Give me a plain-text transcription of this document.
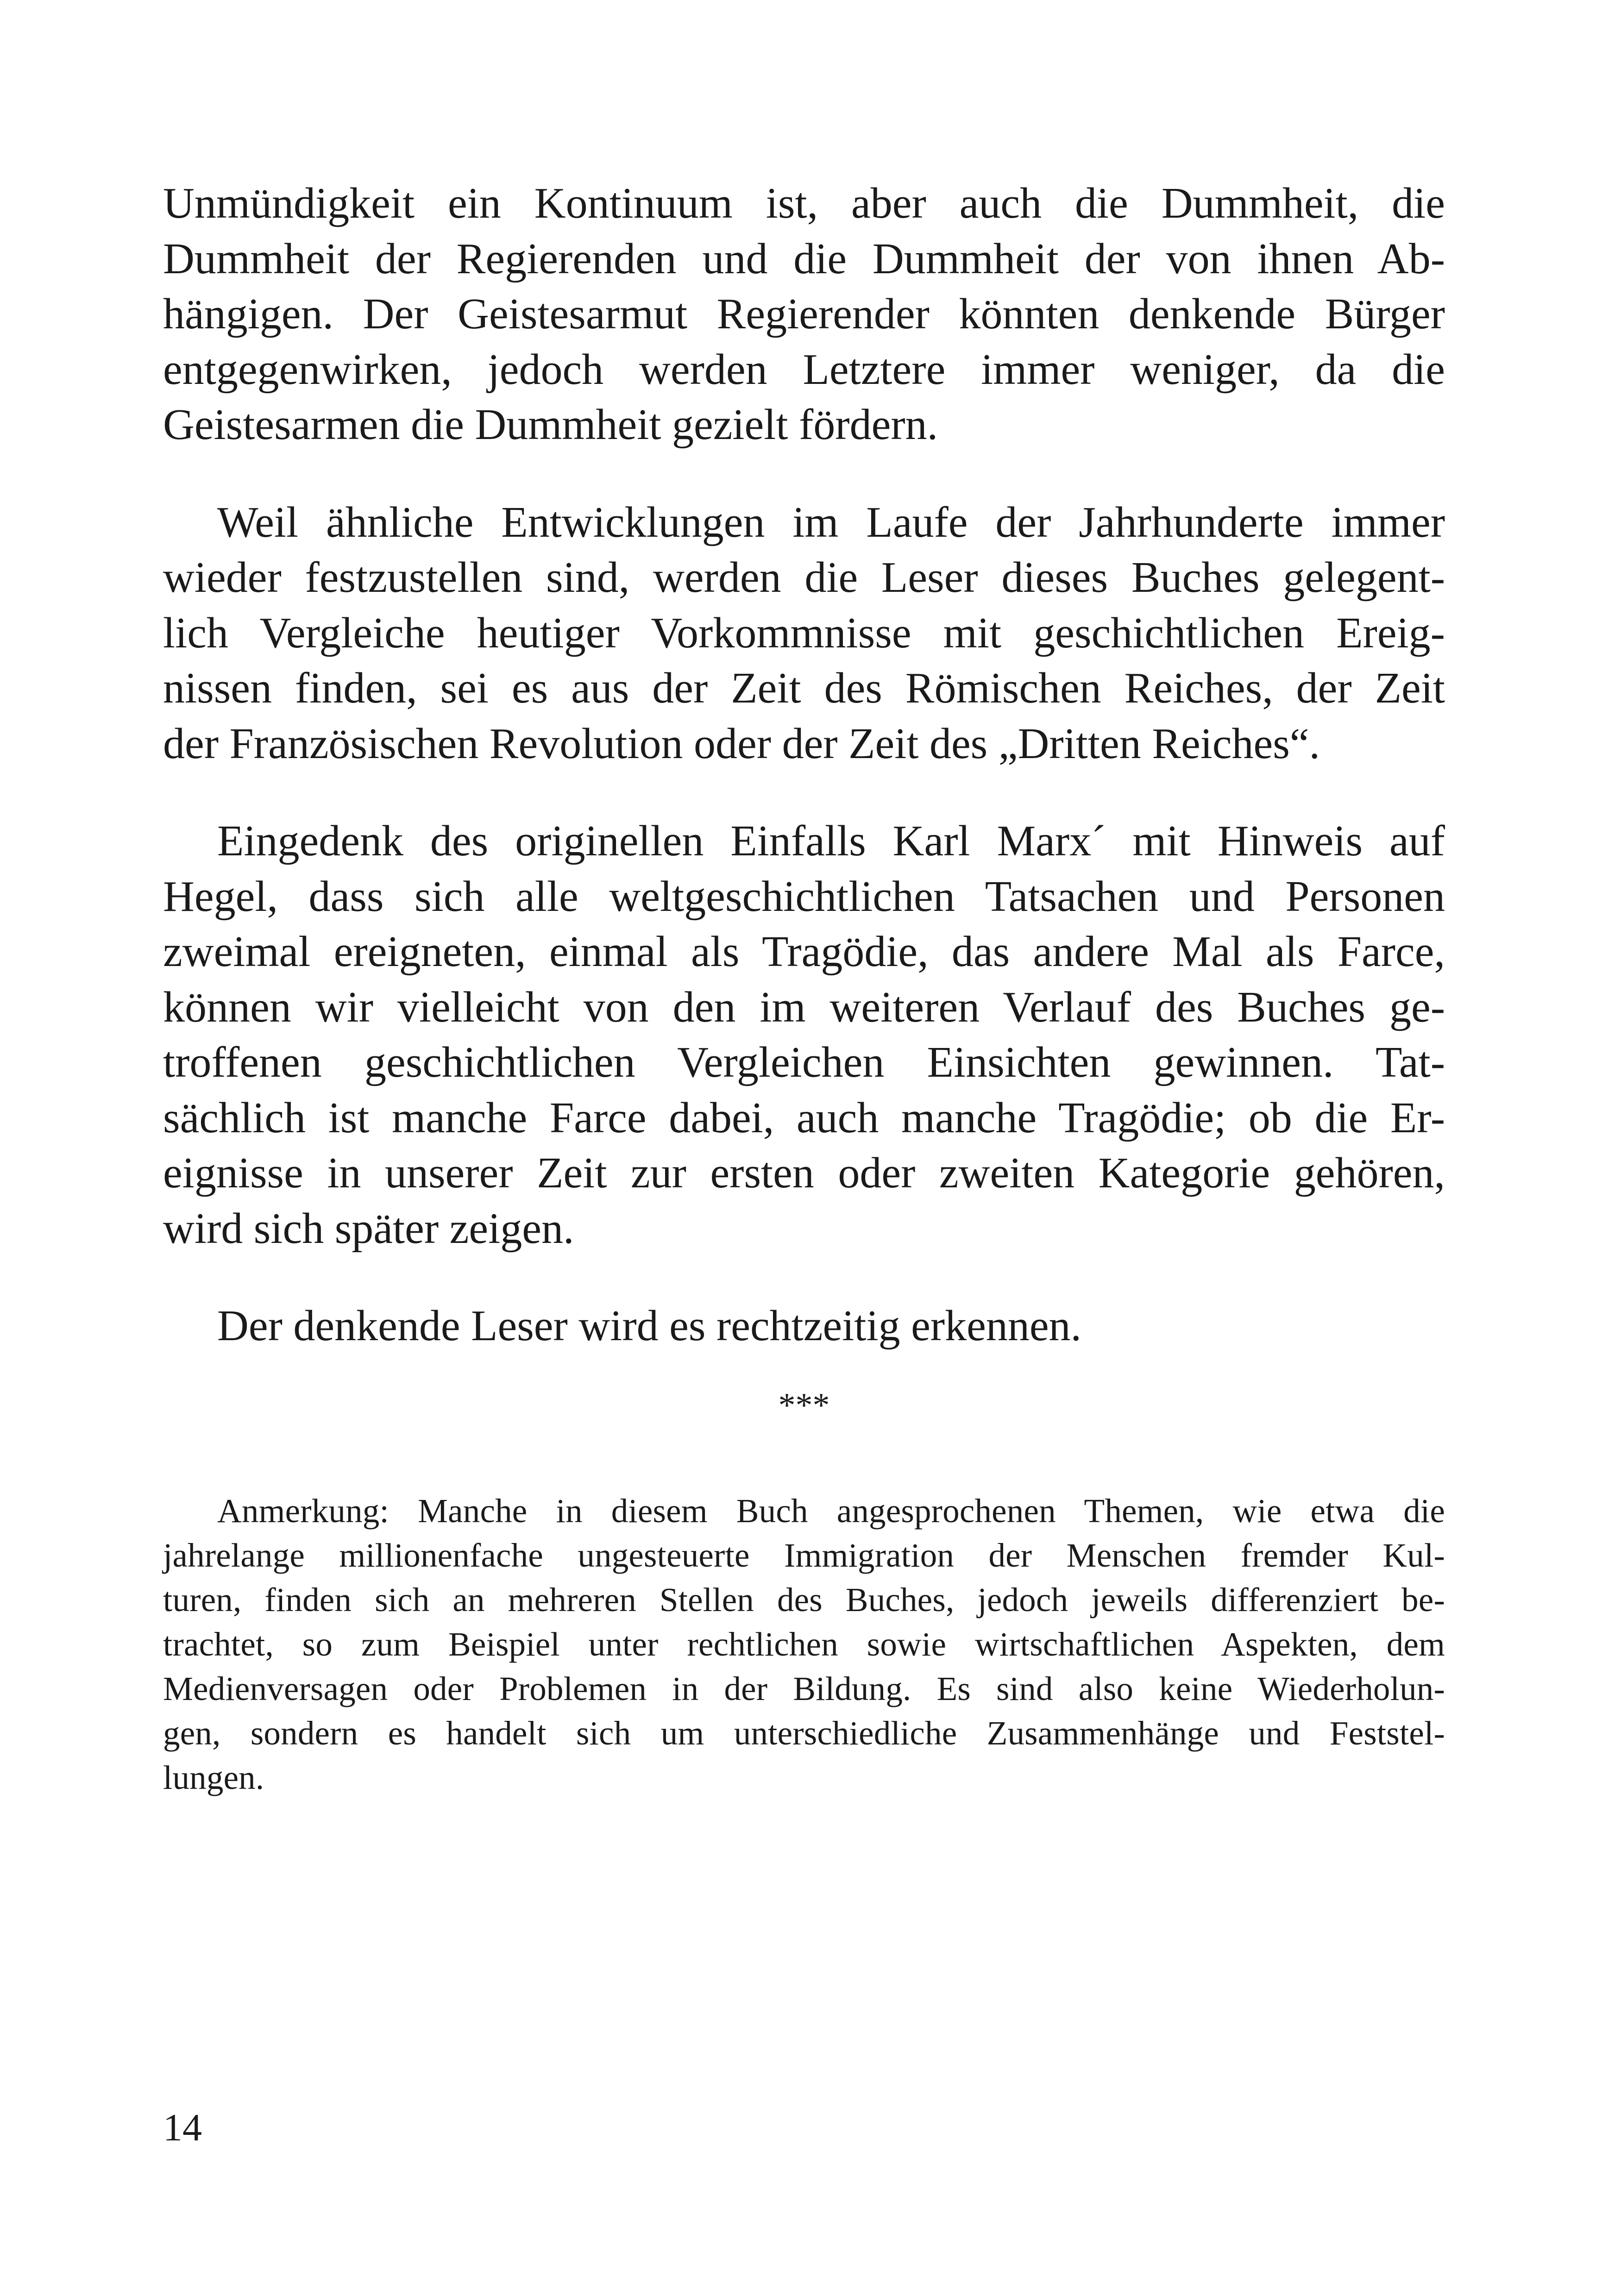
Unmündigkeit ein Kontinuum ist, aber auch die Dummheit, die
Dummheit der Regierenden und die Dummheit der von ihnen Ab-
hängigen. Der Geistesarmut Regierender könnten denkende Bürger
entgegenwirken, jedoch werden Letztere immer weniger, da die
Geistesarmen die Dummheit gezielt fördern.
Weil ähnliche Entwicklungen im Laufe der Jahrhunderte immer
wieder festzustellen sind, werden die Leser dieses Buches gelegent-
lich Vergleiche heutiger Vorkommnisse mit geschichtlichen Ereig-
nissen finden, sei es aus der Zeit des Römischen Reiches, der Zeit
der Französischen Revolution oder der Zeit des „Dritten Reiches“.
Eingedenk des originellen Einfalls Karl Marx´ mit Hinweis auf
Hegel, dass sich alle weltgeschichtlichen Tatsachen und Personen
zweimal ereigneten, einmal als Tragödie, das andere Mal als Farce,
können wir vielleicht von den im weiteren Verlauf des Buches ge-
troffenen geschichtlichen Vergleichen Einsichten gewinnen. Tat-
sächlich ist manche Farce dabei, auch manche Tragödie; ob die Er-
eignisse in unserer Zeit zur ersten oder zweiten Kategorie gehören,
wird sich später zeigen.
Der denkende Leser wird es rechtzeitig erkennen.
***
Anmerkung: Manche in diesem Buch angesprochenen Themen, wie etwa die
jahrelange millionenfache ungesteuerte Immigration der Menschen fremder Kul-
turen, finden sich an mehreren Stellen des Buches, jedoch jeweils differenziert be-
trachtet, so zum Beispiel unter rechtlichen sowie wirtschaftlichen Aspekten, dem
Medienversagen oder Problemen in der Bildung. Es sind also keine Wiederholun-
gen, sondern es handelt sich um unterschiedliche Zusammenhänge und Feststel-
lungen.
14
